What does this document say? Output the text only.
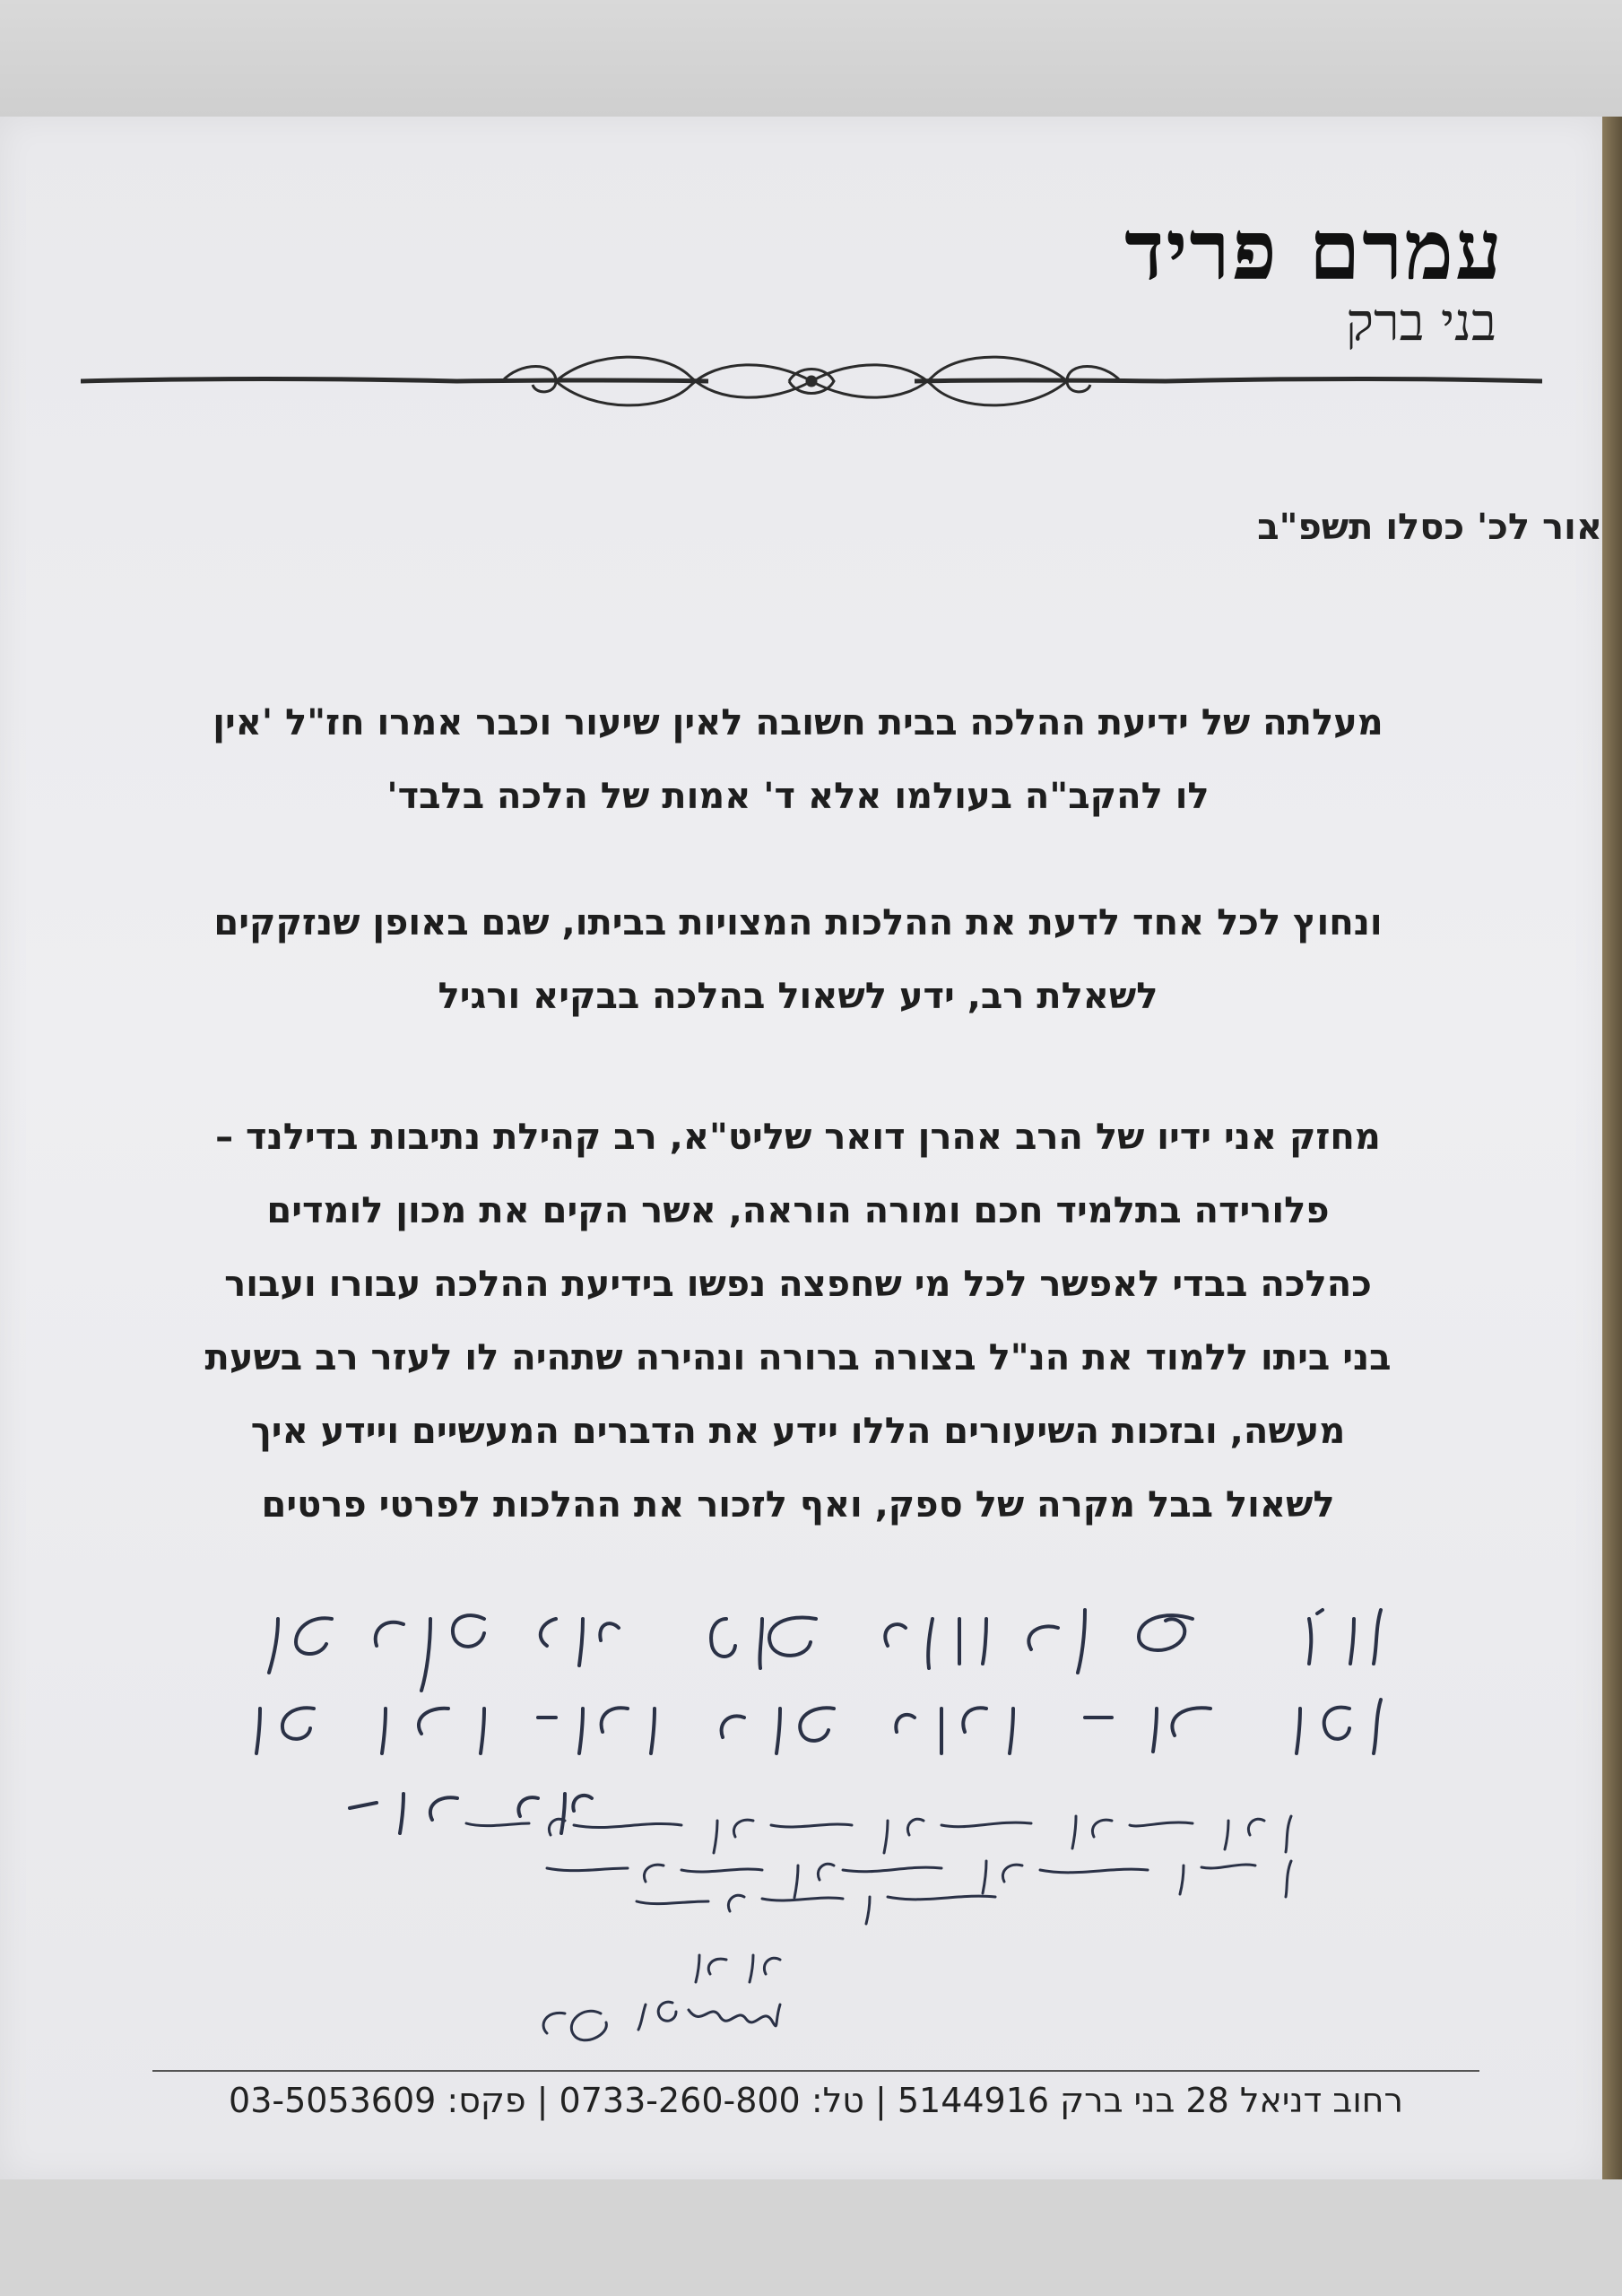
עמרם פריד
בני ברק
אור לכ' כסלו תשפ"ב

מעלתה של ידיעת ההלכה בבית חשובה לאין שיעור וכבר אמרו חז"ל 'אין
לו להקב"ה בעולמו אלא ד' אמות של הלכה בלבד'

ונחוץ לכל אחד לדעת את ההלכות המצויות בביתו, שגם באופן שנזקקים
לשאלת רב, ידע לשאול בהלכה בבקיא ורגיל

מחזק אני ידיו של הרב אהרן דואר שליט"א, רב קהילת נתיבות בדילנד –
פלורידה בתלמיד חכם ומורה הוראה, אשר הקים את מכון לומדים
כהלכה בבדי לאפשר לכל מי שחפצה נפשו בידיעת ההלכה עבורו ועבור
בני ביתו ללמוד את הנ"ל בצורה ברורה ונהירה שתהיה לו לעזר רב בשעת
מעשה, ובזכות השיעורים הללו יידע את הדברים המעשיים ויידע איך
לשאול בבל מקרה של ספק, ואף לזכור את ההלכות לפרטי פרטים

רחוב דניאל 28 בני ברק 5144916 | טל: 0733-260-800 | פקס: 03-5053609
